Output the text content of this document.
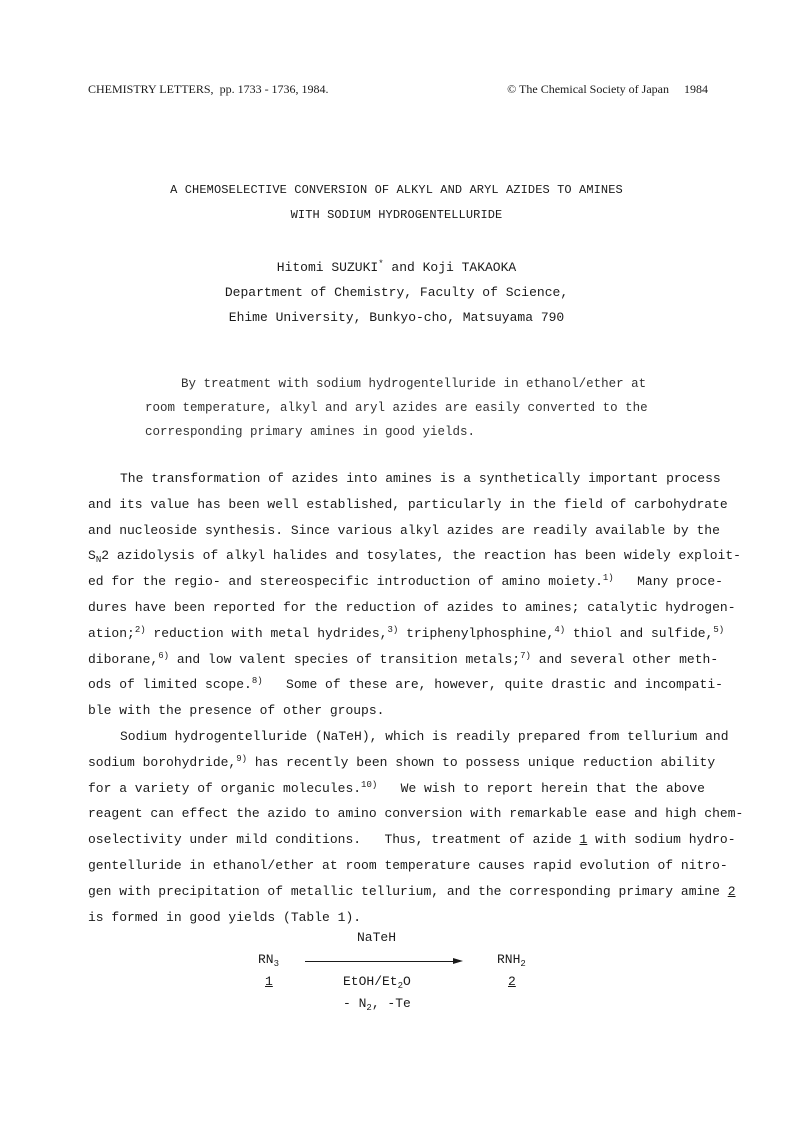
CHEMISTRY LETTERS, pp. 1733 - 1736, 1984.	© The Chemical Society of Japan 1984
A CHEMOSELECTIVE CONVERSION OF ALKYL AND ARYL AZIDES TO AMINES
WITH SODIUM HYDROGENTELLURIDE
Hitomi SUZUKI* and Koji TAKAOKA
Department of Chemistry, Faculty of Science,
Ehime University, Bunkyo-cho, Matsuyama 790
By treatment with sodium hydrogentelluride in ethanol/ether at
room temperature, alkyl and aryl azides are easily converted to the
corresponding primary amines in good yields.
The transformation of azides into amines is a synthetically important process
and its value has been well established, particularly in the field of carbohydrate
and nucleoside synthesis. Since various alkyl azides are readily available by the
$S_N2$ azidolysis of alkyl halides and tosylates, the reaction has been widely exploit-
ed for the regio- and stereospecific introduction of amino moiety.$^{1)}$   Many proce-
dures have been reported for the reduction of azides to amines; catalytic hydrogen-
ation;$^{2)}$ reduction with metal hydrides,$^{3)}$ triphenylphosphine,$^{4)}$ thiol and sulfide,$^{5)}$
diborane,$^{6)}$ and low valent species of transition metals;$^{7)}$ and several other meth-
ods of limited scope.$^{8)}$   Some of these are, however, quite drastic and incompati-
ble with the presence of other groups.
Sodium hydrogentelluride (NaTeH), which is readily prepared from tellurium and
sodium borohydride,$^{9)}$ has recently been shown to possess unique reduction ability
for a variety of organic molecules.$^{10)}$   We wish to report herein that the above
reagent can effect the azido to amino conversion with remarkable ease and high chem-
oselectivity under mild conditions.   Thus, treatment of azide 1 with sodium hydro-
gentelluride in ethanol/ether at room temperature causes rapid evolution of nitro-
gen with precipitation of metallic tellurium, and the corresponding primary amine 2
is formed in good yields (Table 1).
NaTeH
$RN_3$	$RNH_2$
1	EtOH/$Et_2O$	2
- $N_2$, -Te
